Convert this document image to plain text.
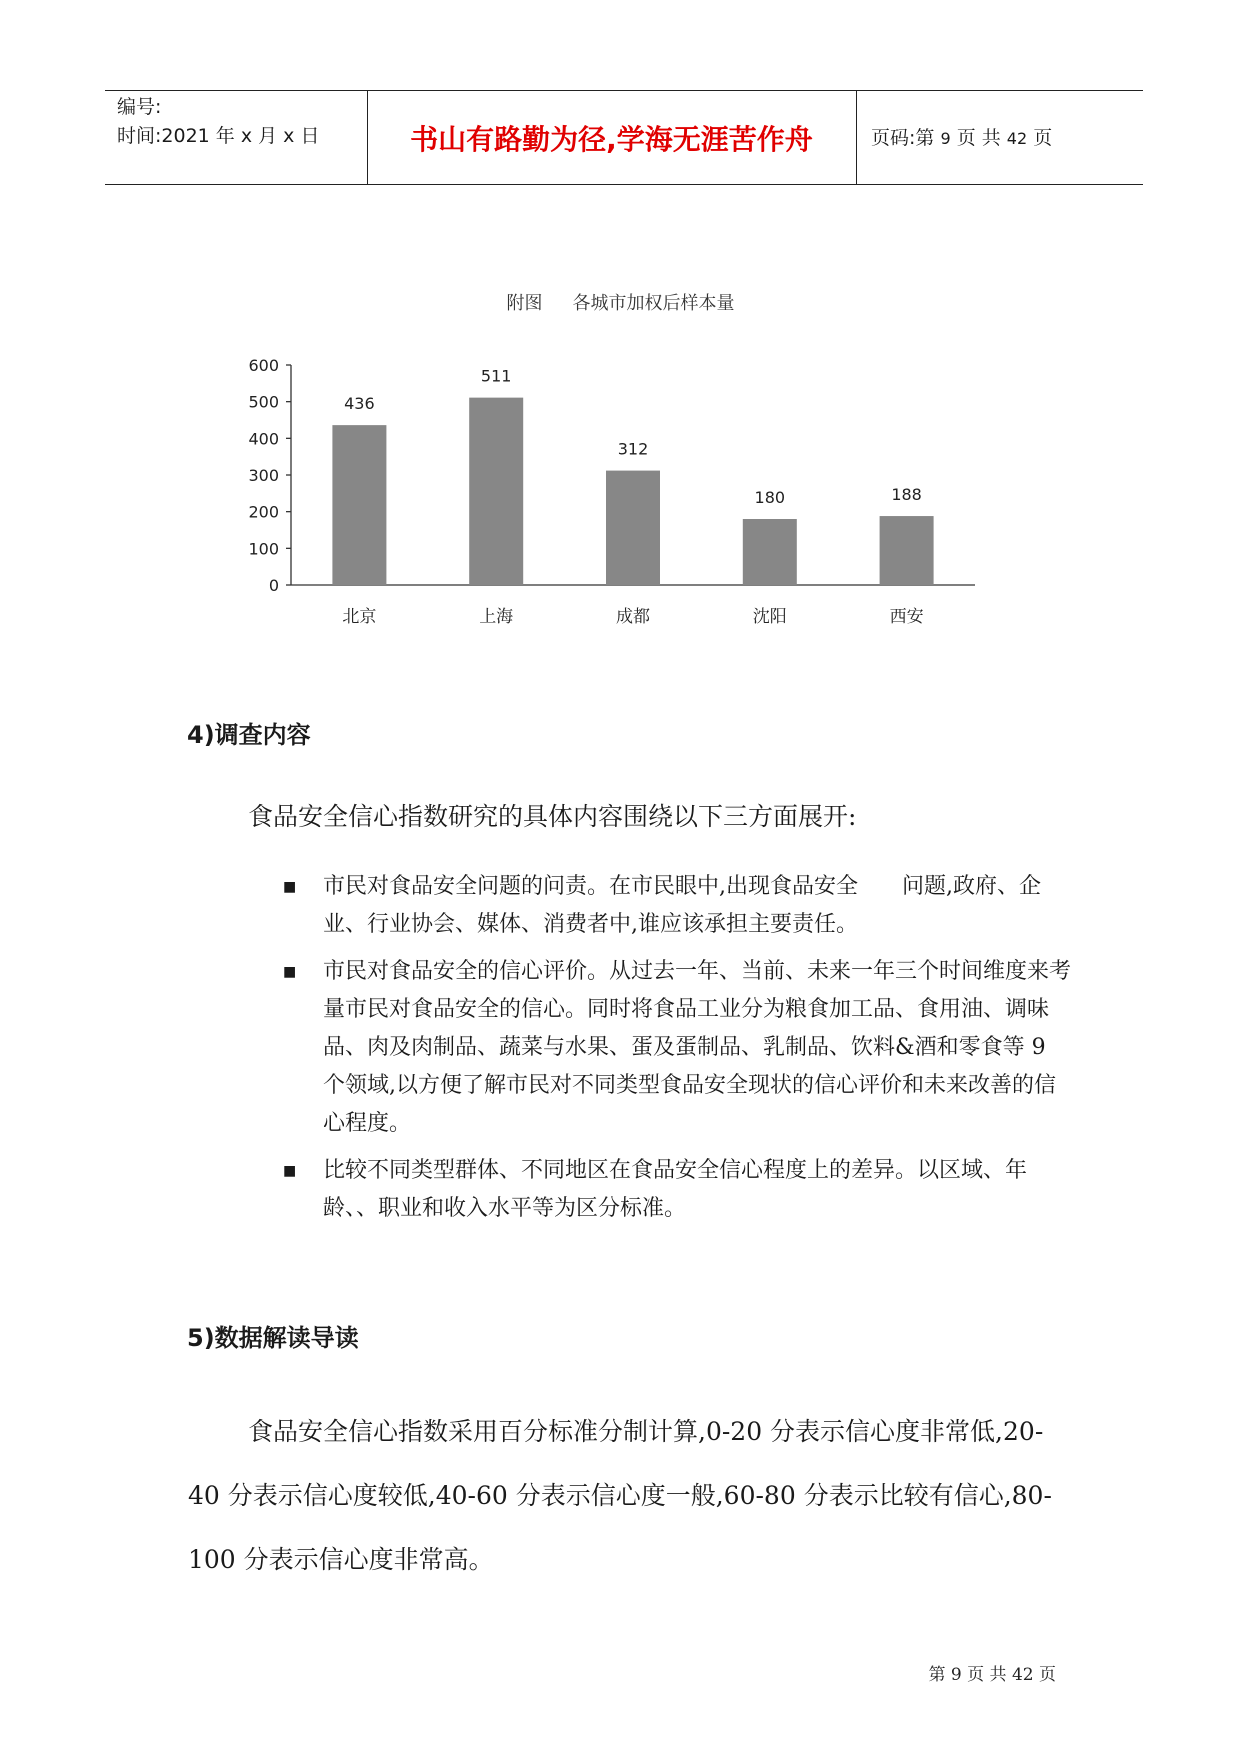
编号:
时间:2021 年 x 月 x 日	书山有路勤为径,学海无涯苦作舟	页码:第 9 页 共 42 页
附图 各城市加权后样本量
0
100
200
300
400
500
600
436
北京
511
上海
312
成都
180
沈阳
188
西安
4)调查内容
食品安全信心指数研究的具体内容围绕以下三方面展开:
■ 市民对食品安全问题的问责。在市民眼中,出现食品安全　　问题,政府、企业、行业协会、媒体、消费者中,谁应该承担主要责任。
■ 市民对食品安全的信心评价。从过去一年、当前、未来一年三个时间维度来考量市民对食品安全的信心。同时将食品工业分为粮食加工品、食用油、调味品、肉及肉制品、蔬菜与水果、蛋及蛋制品、乳制品、饮料&酒和零食等 9 个领域,以方便了解市民对不同类型食品安全现状的信心评价和未来改善的信心程度。
■ 比较不同类型群体、不同地区在食品安全信心程度上的差异。以区域、年龄、、职业和收入水平等为区分标准。
5)数据解读导读
食品安全信心指数采用百分标准分制计算,0-20 分表示信心度非常低,20-40 分表示信心度较低,40-60 分表示信心度一般,60-80 分表示比较有信心,80-100 分表示信心度非常高。
第 9 页 共 42 页
